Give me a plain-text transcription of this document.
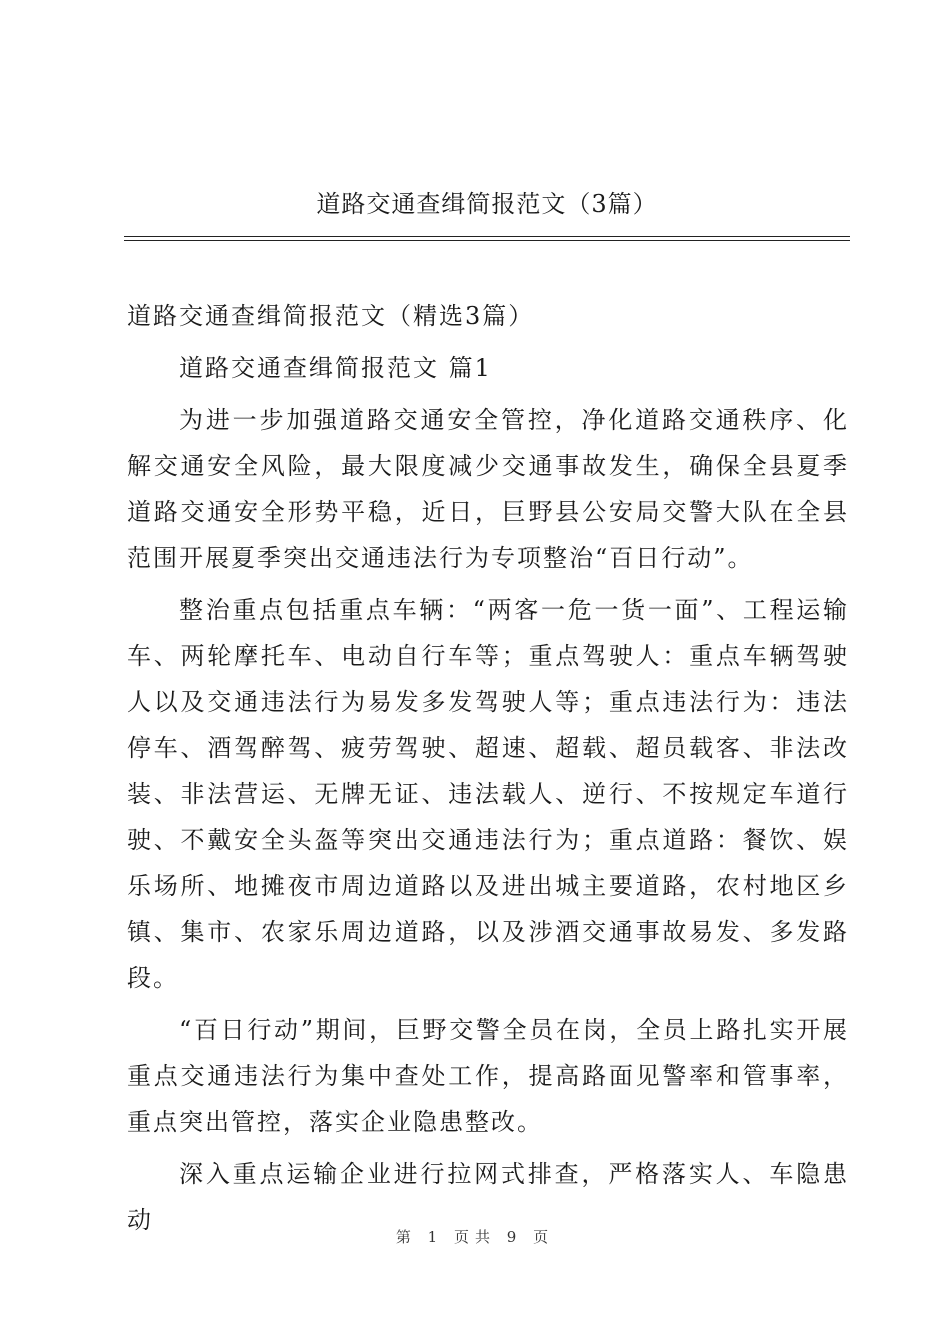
道路交通查缉简报范文（3篇）

道路交通查缉简报范文（精选3篇）

道路交通查缉简报范文 篇1

为进一步加强道路交通安全管控，净化道路交通秩序、化解交通安全风险，最大限度减少交通事故发生，确保全县夏季道路交通安全形势平稳，近日，巨野县公安局交警大队在全县范围开展夏季突出交通违法行为专项整治“百日行动”。

整治重点包括重点车辆：“两客一危一货一面”、工程运输车、两轮摩托车、电动自行车等；重点驾驶人：重点车辆驾驶人以及交通违法行为易发多发驾驶人等；重点违法行为：违法停车、酒驾醉驾、疲劳驾驶、超速、超载、超员载客、非法改装、非法营运、无牌无证、违法载人、逆行、不按规定车道行驶、不戴安全头盔等突出交通违法行为；重点道路：餐饮、娱乐场所、地摊夜市周边道路以及进出城主要道路，农村地区乡镇、集市、农家乐周边道路，以及涉酒交通事故易发、多发路段。

“百日行动”期间，巨野交警全员在岗，全员上路扎实开展重点交通违法行为集中查处工作，提高路面见警率和管事率，重点突出管控，落实企业隐患整改。

深入重点运输企业进行拉网式排查，严格落实人、车隐患动

第 1 页共 9 页
